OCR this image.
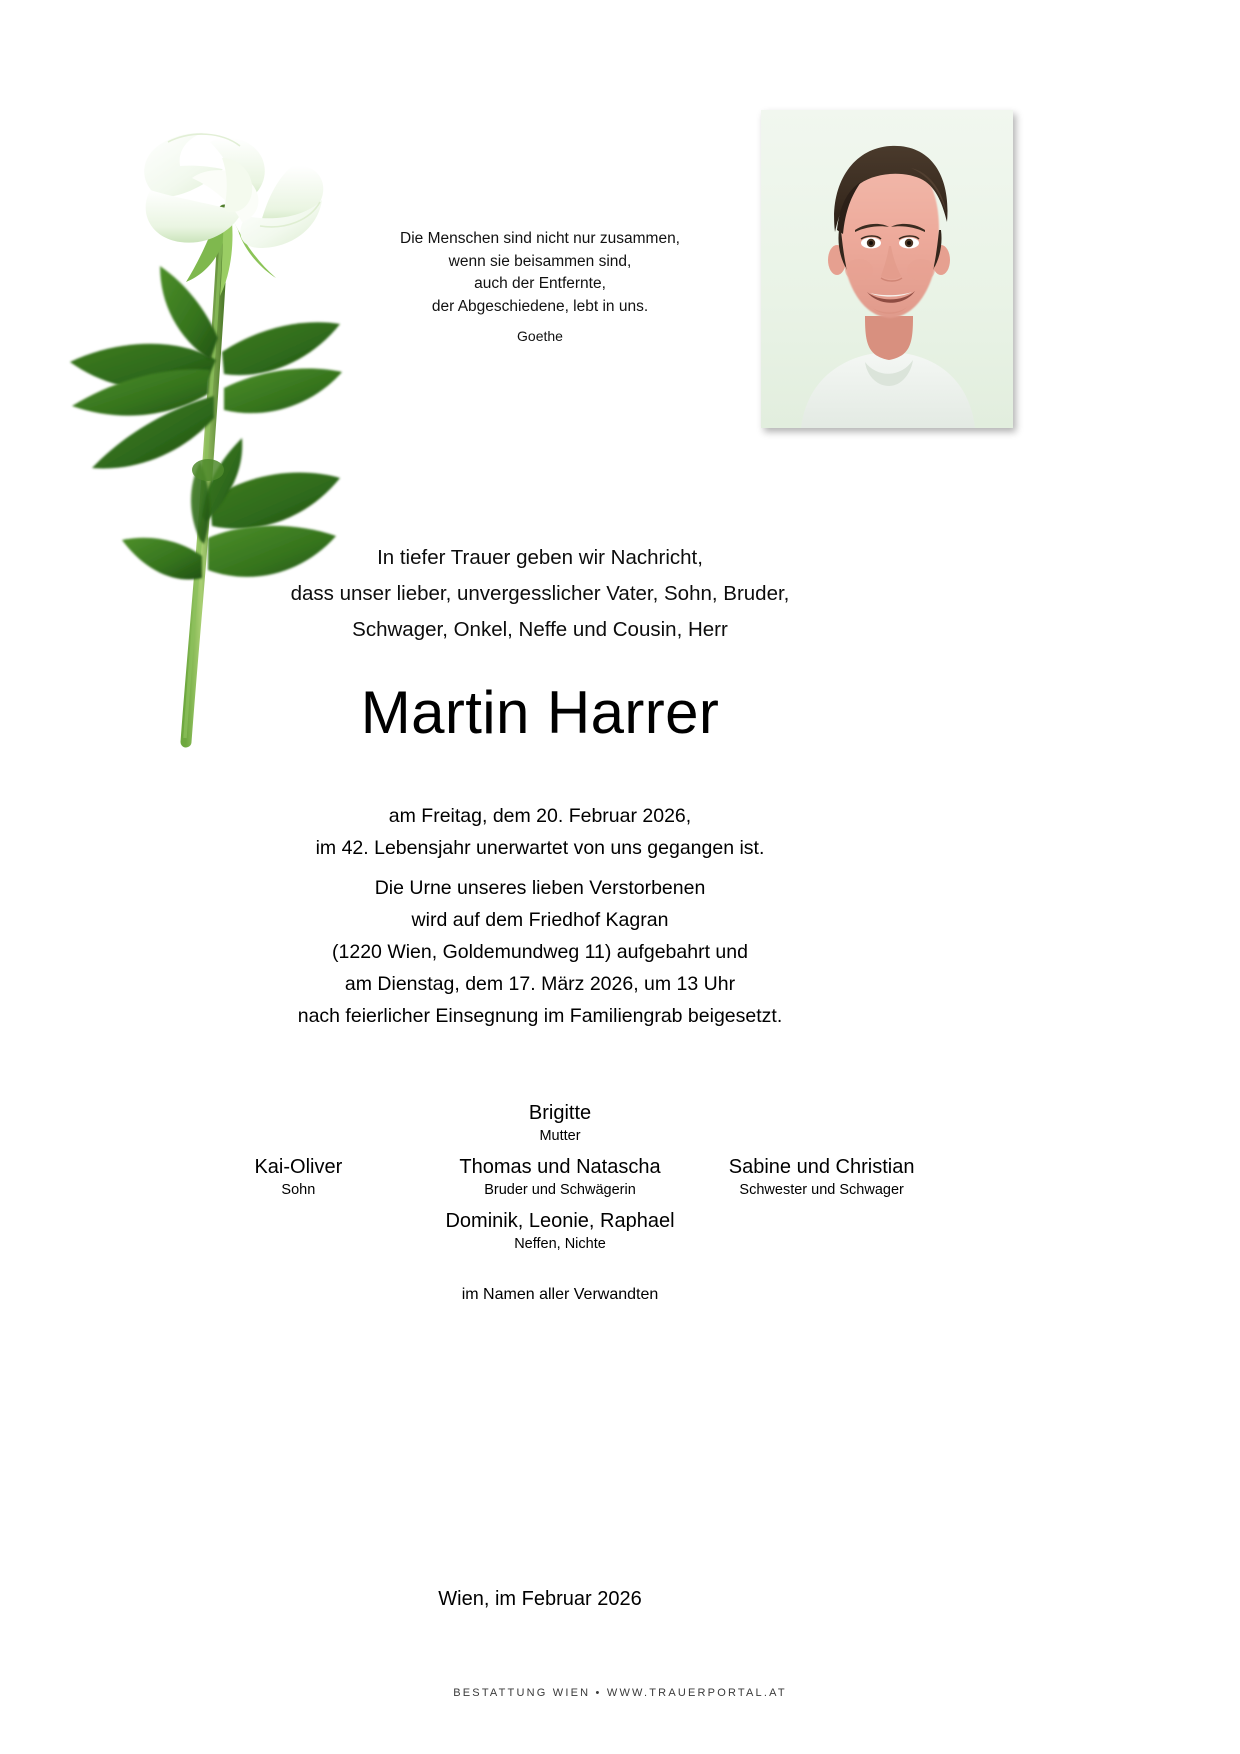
Die Menschen sind nicht nur zusammen,
wenn sie beisammen sind,
auch der Entfernte,
der Abgeschiedene, lebt in uns.
Goethe
In tiefer Trauer geben wir Nachricht,
dass unser lieber, unvergesslicher Vater, Sohn, Bruder,
Schwager, Onkel, Neffe und Cousin, Herr
Martin Harrer
am Freitag, dem 20. Februar 2026,
im 42. Lebensjahr unerwartet von uns gegangen ist.
Die Urne unseres lieben Verstorbenen
wird auf dem Friedhof Kagran
(1220 Wien, Goldemundweg 11) aufgebahrt und
am Dienstag, dem 17. März 2026, um 13 Uhr
nach feierlicher Einsegnung im Familiengrab beigesetzt.
Brigitte
Mutter
Kai-Oliver
Sohn
Thomas und Natascha
Bruder und Schwägerin
Sabine und Christian
Schwester und Schwager
Dominik, Leonie, Raphael
Neffen, Nichte
im Namen aller Verwandten
Wien, im Februar 2026
BESTATTUNG WIEN • WWW.TRAUERPORTAL.AT
